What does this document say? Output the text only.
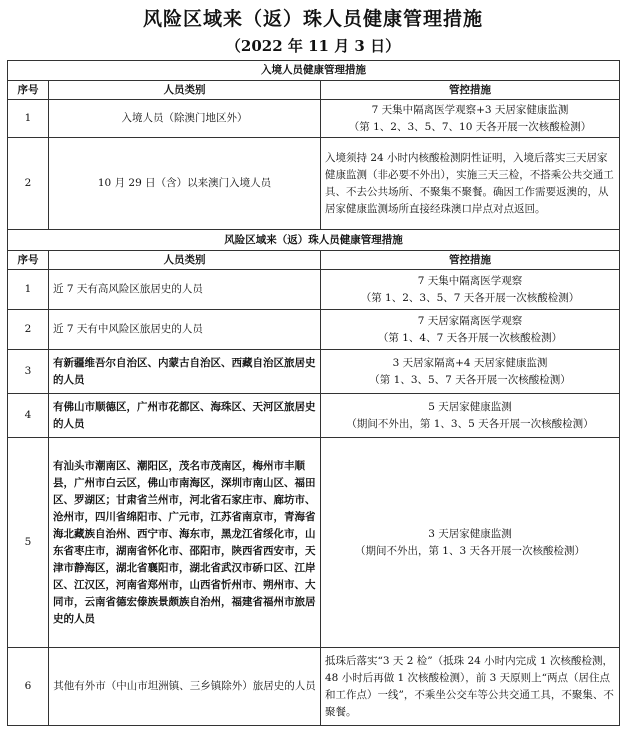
风险区域来（返）珠人员健康管理措施
（2022 年 11 月 3 日）
入境人员健康管理措施		
序号	人员类别	管控措施
1	入境人员（除澳门地区外）	7 天集中隔离医学观察+3 天居家健康监测
（第 1、2、3、5、7、10 天各开展一次核酸检测）
2	10 月 29 日（含）以来澳门入境人员	入境须持 24 小时内核酸检测阴性证明，入境后落实三天居家健康监测（非必要不外出），实施三天三检，不搭乘公共交通工具、不去公共场所、不聚集不聚餐。确因工作需要返澳的，从居家健康监测场所直接经珠澳口岸点对点返回。
风险区域来（返）珠人员健康管理措施		
序号	人员类别	管控措施
1	近 7 天有高风险区旅居史的人员	7 天集中隔离医学观察
（第 1、2、3、5、7 天各开展一次核酸检测）
2	近 7 天有中风险区旅居史的人员	7 天居家隔离医学观察
（第 1、4、7 天各开展一次核酸检测）
3	有新疆维吾尔自治区、内蒙古自治区、西藏自治区旅居史的人员	3 天居家隔离+4 天居家健康监测
（第 1、3、5、7 天各开展一次核酸检测）
4	有佛山市顺德区，广州市花都区、海珠区、天河区旅居史的人员	5 天居家健康监测
（期间不外出，第 1、3、5 天各开展一次核酸检测）
5	有汕头市潮南区、潮阳区，茂名市茂南区，梅州市丰顺县，广州市白云区，佛山市南海区，深圳市南山区、福田区、罗湖区；甘肃省兰州市，河北省石家庄市、廊坊市、沧州市，四川省绵阳市、广元市，江苏省南京市，青海省海北藏族自治州、西宁市、海东市，黑龙江省绥化市，山东省枣庄市，湖南省怀化市、邵阳市，陕西省西安市，天津市静海区，湖北省襄阳市，湖北省武汉市硚口区、江岸区、江汉区，河南省郑州市，山西省忻州市、朔州市、大同市，云南省德宏傣族景颇族自治州，福建省福州市旅居史的人员	3 天居家健康监测
（期间不外出，第 1、3 天各开展一次核酸检测）
6	其他有外市（中山市坦洲镇、三乡镇除外）旅居史的人员	抵珠后落实“3 天 2 检”（抵珠 24 小时内完成 1 次核酸检测，48 小时后再做 1 次核酸检测），前 3 天原则上“两点（居住点和工作点）一线”，不乘坐公交车等公共交通工具，不聚集、不聚餐。
